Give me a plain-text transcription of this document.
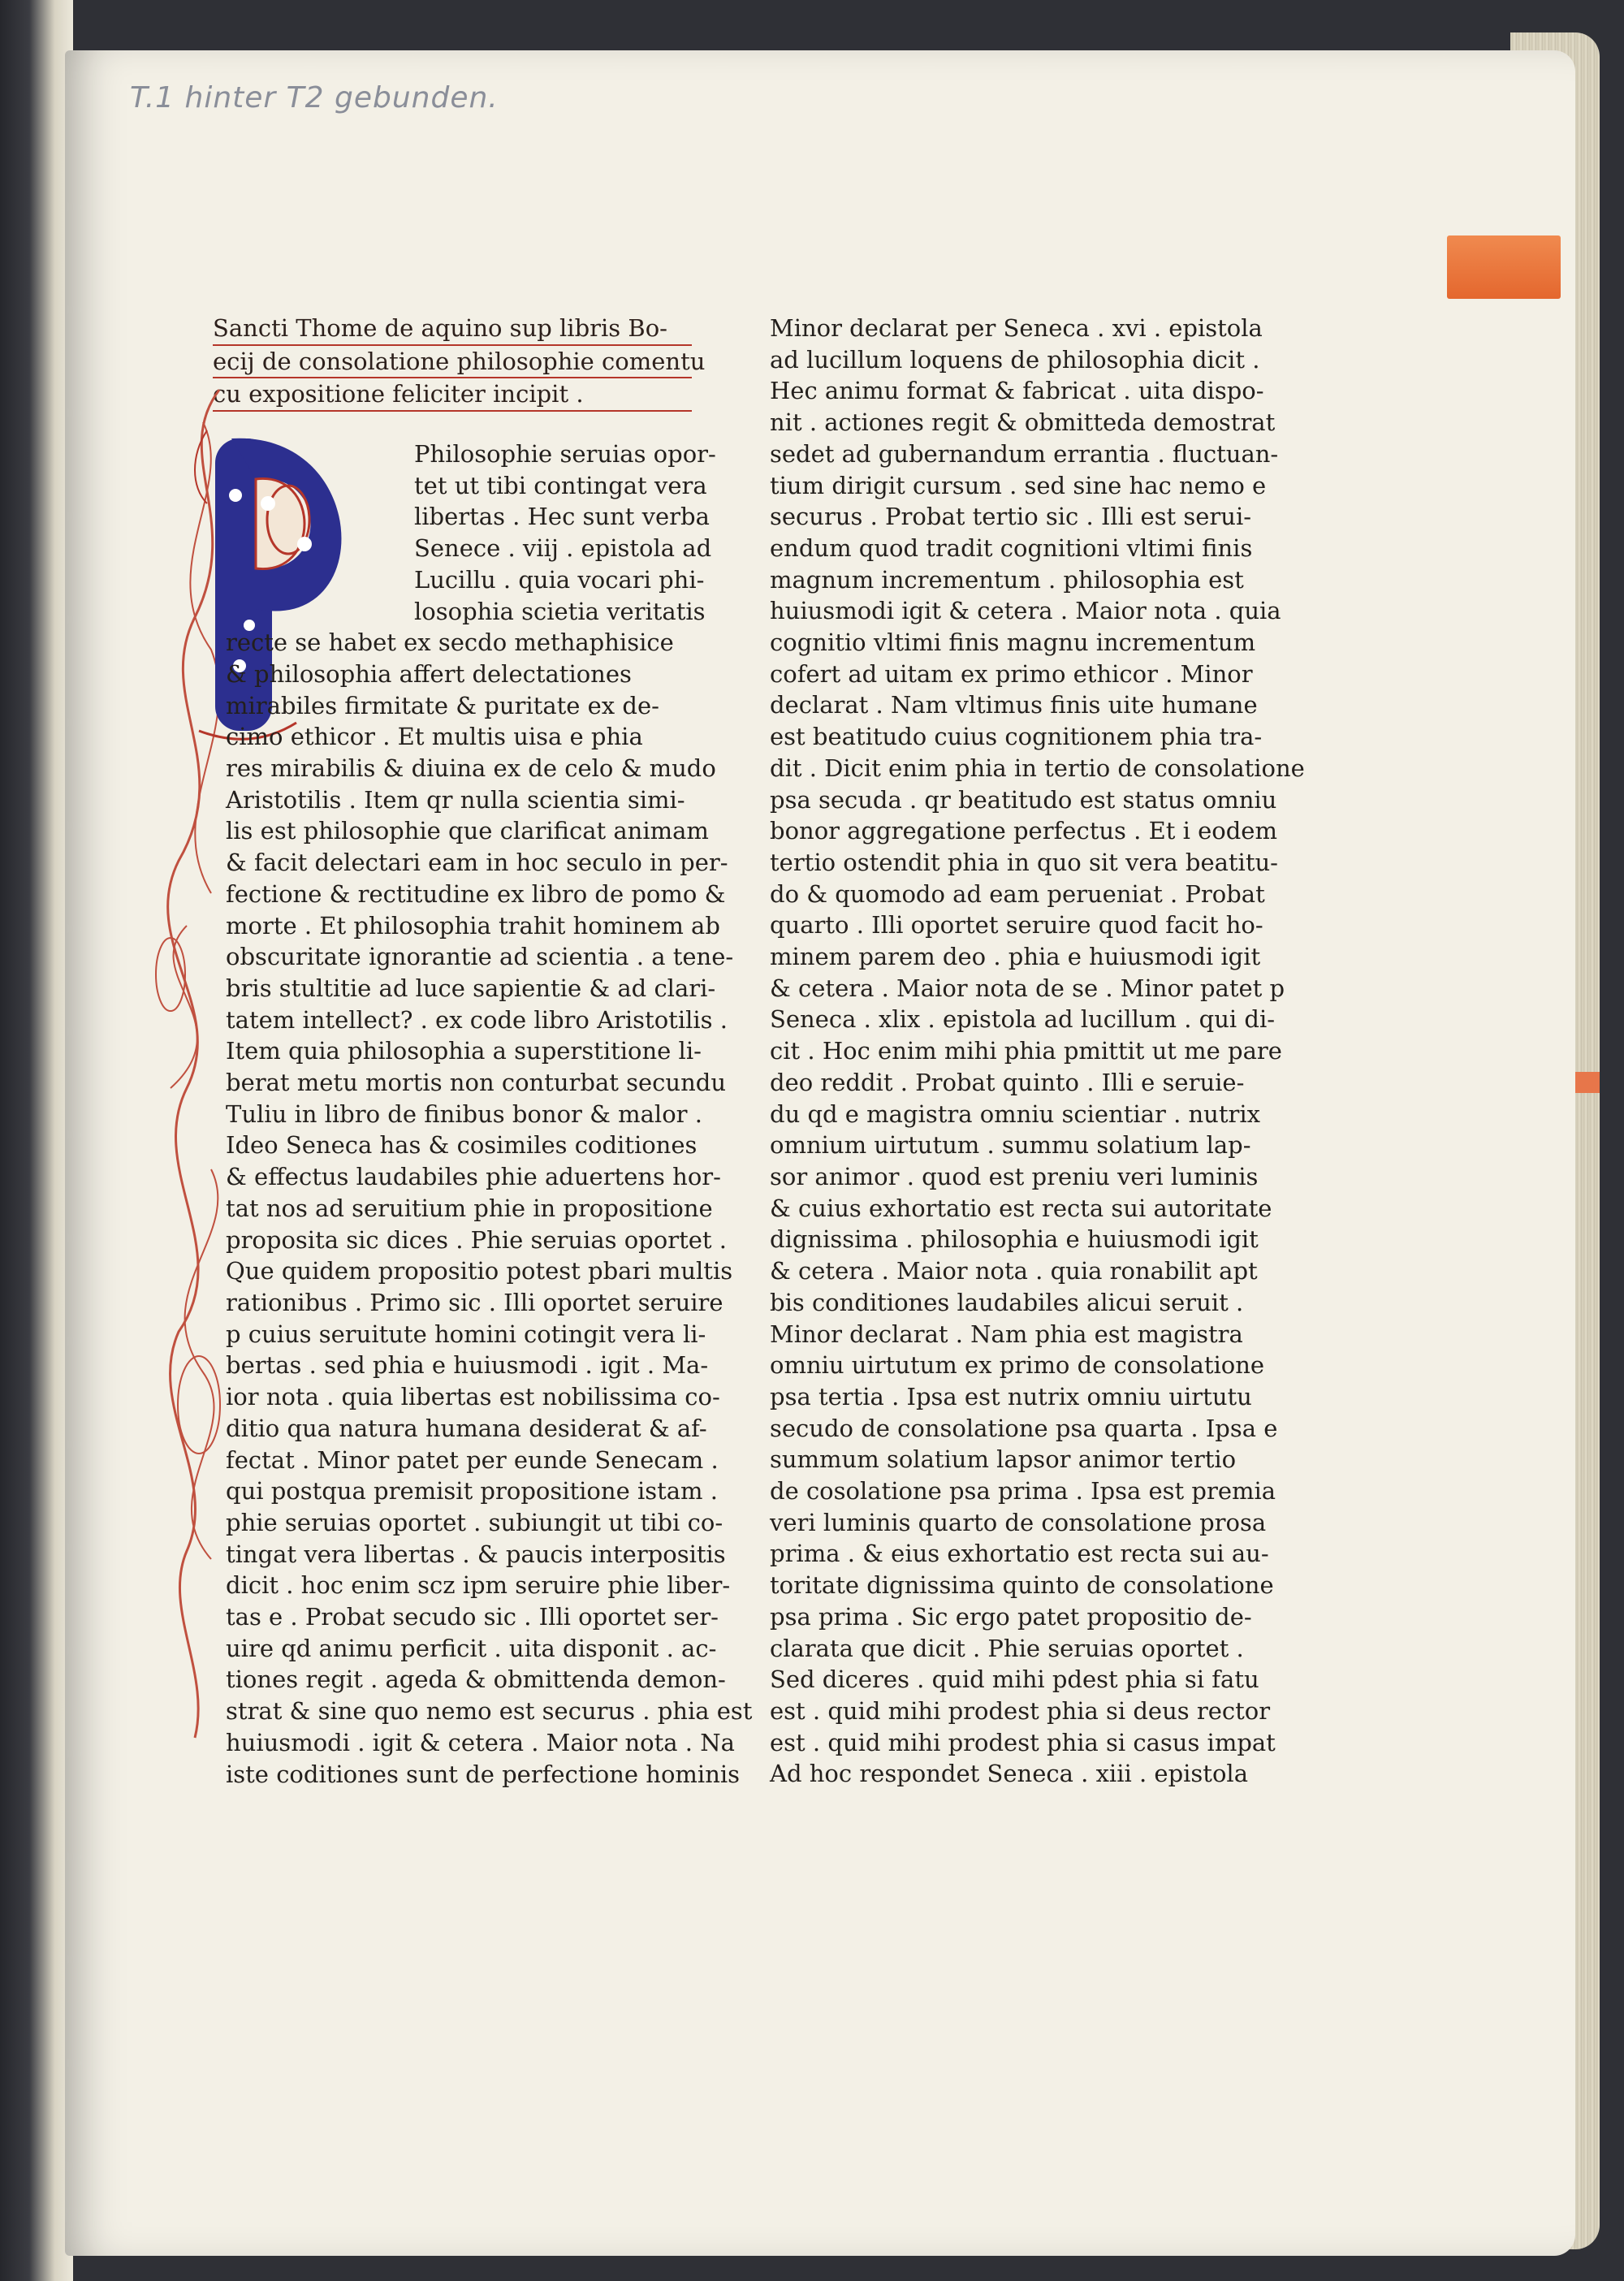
T.1 hinter T2 gebunden.
Sancti Thome de aquino sup libris Bo-
ecij de consolatione philosophie comentu
cu expositione feliciter incipit .
Philosophie seruias opor-
tet ut tibi contingat vera
libertas . Hec sunt verba
Senece . viij . epistola ad
Lucillu . quia vocari phi-
losophia scietia veritatis
recte se habet ex secdo methaphisice
& philosophia affert delectationes
mirabiles firmitate & puritate ex de-
cimo ethicor . Et multis uisa e phia
res mirabilis & diuina ex de celo & mudo
Aristotilis . Item qr nulla scientia simi-
lis est philosophie que clarificat animam
& facit delectari eam in hoc seculo in per-
fectione & rectitudine ex libro de pomo &
morte . Et philosophia trahit hominem ab
obscuritate ignorantie ad scientia . a tene-
bris stultitie ad luce sapientie & ad clari-
tatem intellect? . ex code libro Aristotilis .
Item quia philosophia a superstitione li-
berat metu mortis non conturbat secundu
Tuliu in libro de finibus bonor & malor .
Ideo Seneca has & cosimiles coditiones
& effectus laudabiles phie aduertens hor-
tat nos ad seruitium phie in propositione
proposita sic dices . Phie seruias oportet .
Que quidem propositio potest pbari multis
rationibus . Primo sic . Illi oportet seruire
p cuius seruitute homini cotingit vera li-
bertas . sed phia e huiusmodi . igit . Ma-
ior nota . quia libertas est nobilissima co-
ditio qua natura humana desiderat & af-
fectat . Minor patet per eunde Senecam .
qui postqua premisit propositione istam .
phie seruias oportet . subiungit ut tibi co-
tingat vera libertas . & paucis interpositis
dicit . hoc enim scz ipm seruire phie liber-
tas e . Probat secudo sic . Illi oportet ser-
uire qd animu perficit . uita disponit . ac-
tiones regit . ageda & obmittenda demon-
strat & sine quo nemo est securus . phia est
huiusmodi . igit & cetera . Maior nota . Na
iste coditiones sunt de perfectione hominis
Minor declarat per Seneca . xvi . epistola
ad lucillum loquens de philosophia dicit .
Hec animu format & fabricat . uita dispo-
nit . actiones regit & obmitteda demostrat
sedet ad gubernandum errantia . fluctuan-
tium dirigit cursum . sed sine hac nemo e
securus . Probat tertio sic . Illi est serui-
endum quod tradit cognitioni vltimi finis
magnum incrementum . philosophia est
huiusmodi igit & cetera . Maior nota . quia
cognitio vltimi finis magnu incrementum
cofert ad uitam ex primo ethicor . Minor
declarat . Nam vltimus finis uite humane
est beatitudo cuius cognitionem phia tra-
dit . Dicit enim phia in tertio de consolatione
psa secuda . qr beatitudo est status omniu
bonor aggregatione perfectus . Et i eodem
tertio ostendit phia in quo sit vera beatitu-
do & quomodo ad eam perueniat . Probat
quarto . Illi oportet seruire quod facit ho-
minem parem deo . phia e huiusmodi igit
& cetera . Maior nota de se . Minor patet p
Seneca . xlix . epistola ad lucillum . qui di-
cit . Hoc enim mihi phia pmittit ut me pare
deo reddit . Probat quinto . Illi e seruie-
du qd e magistra omniu scientiar . nutrix
omnium uirtutum . summu solatium lap-
sor animor . quod est preniu veri luminis
& cuius exhortatio est recta sui autoritate
dignissima . philosophia e huiusmodi igit
& cetera . Maior nota . quia ronabilit apt
bis conditiones laudabiles alicui seruit .
Minor declarat . Nam phia est magistra
omniu uirtutum ex primo de consolatione
psa tertia . Ipsa est nutrix omniu uirtutu
secudo de consolatione psa quarta . Ipsa e
summum solatium lapsor animor tertio
de cosolatione psa prima . Ipsa est premia
veri luminis quarto de consolatione prosa
prima . & eius exhortatio est recta sui au-
toritate dignissima quinto de consolatione
psa prima . Sic ergo patet propositio de-
clarata que dicit . Phie seruias oportet .
Sed diceres . quid mihi pdest phia si fatu
est . quid mihi prodest phia si deus rector
est . quid mihi prodest phia si casus impat
Ad hoc respondet Seneca . xiii . epistola
